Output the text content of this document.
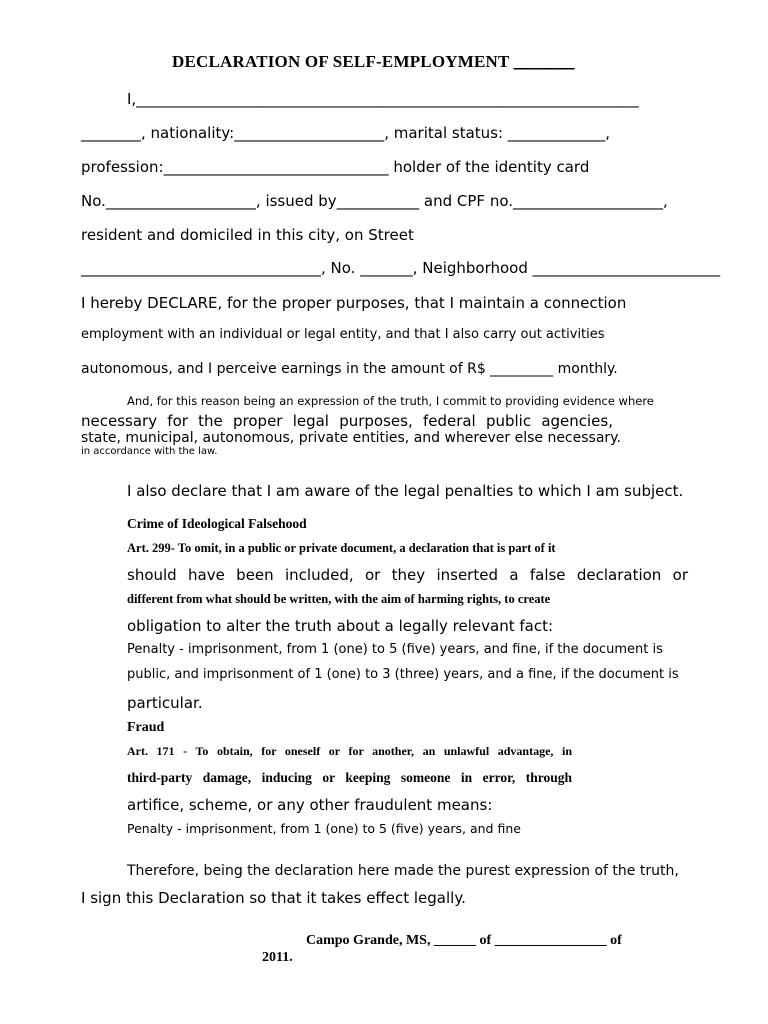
DECLARATION OF SELF-EMPLOYMENT _______
I,___________________________________________________________________
________, nationality:____________________, marital status: _____________,
profession:______________________________ holder of the identity card
No.____________________, issued by___________ and CPF no.____________________,
resident and domiciled in this city, on Street
________________________________, No. _______, Neighborhood _________________________
I hereby DECLARE, for the proper purposes, that I maintain a connection
employment with an individual or legal entity, and that I also carry out activities
autonomous, and I perceive earnings in the amount of R$ _________ monthly.
And, for this reason being an expression of the truth, I commit to providing evidence where
necessary for the proper legal purposes, federal public agencies,
state, municipal, autonomous, private entities, and wherever else necessary.
in accordance with the law.
I also declare that I am aware of the legal penalties to which I am subject.
Crime of Ideological Falsehood
Art. 299- To omit, in a public or private document, a declaration that is part of it
should have been included, or they inserted a false declaration or
different from what should be written, with the aim of harming rights, to create
obligation to alter the truth about a legally relevant fact:
Penalty - imprisonment, from 1 (one) to 5 (five) years, and fine, if the document is
public, and imprisonment of 1 (one) to 3 (three) years, and a fine, if the document is
particular.
Fraud
Art. 171 - To obtain, for oneself or for another, an unlawful advantage, in
third-party damage, inducing or keeping someone in error, through
artifice, scheme, or any other fraudulent means:
Penalty - imprisonment, from 1 (one) to 5 (five) years, and fine
Therefore, being the declaration here made the purest expression of the truth,
I sign this Declaration so that it takes effect legally.
Campo Grande, MS, ______ of ________________ of
2011.
